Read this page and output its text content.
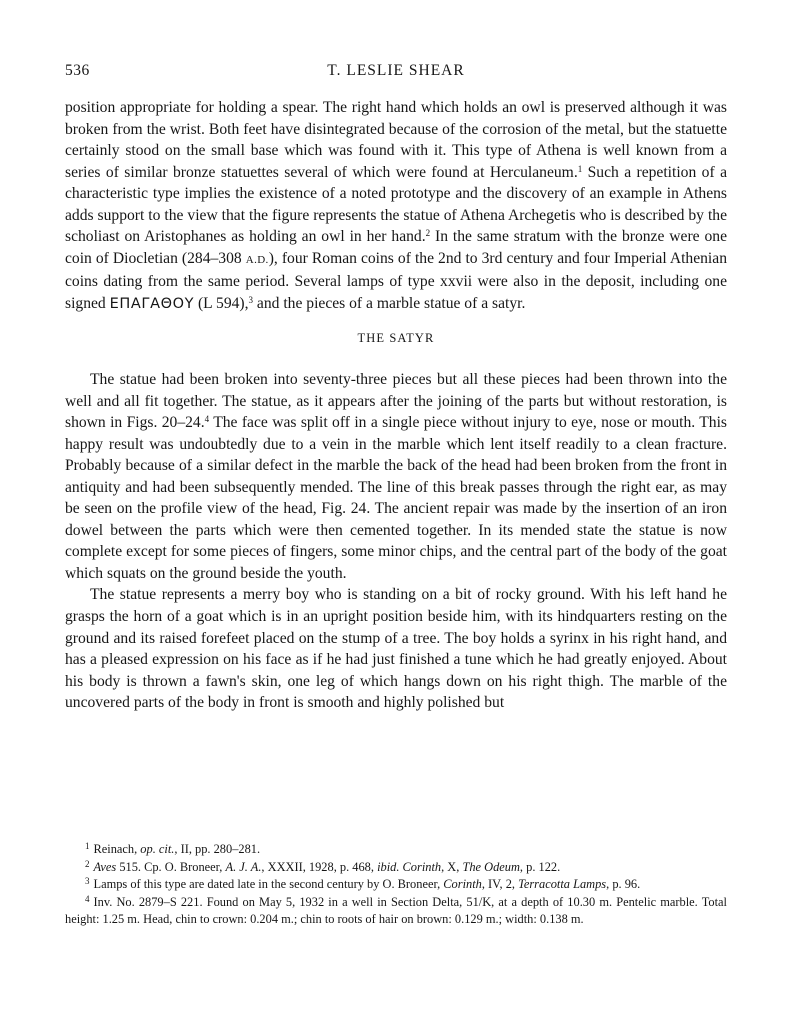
536	T. LESLIE SHEAR

position appropriate for holding a spear. The right hand which holds an owl is preserved although it was broken from the wrist. Both feet have disintegrated because of the corrosion of the metal, but the statuette certainly stood on the small base which was found with it. This type of Athena is well known from a series of similar bronze statuettes several of which were found at Herculaneum.$^1$ Such a repetition of a characteristic type implies the existence of a noted prototype and the discovery of an example in Athens adds support to the view that the figure represents the statue of Athena Archegetis who is described by the scholiast on Aristophanes as holding an owl in her hand.$^2$ In the same stratum with the bronze were one coin of Diocletian (284–308 A.D.), four Roman coins of the 2nd to 3rd century and four Imperial Athenian coins dating from the same period. Several lamps of type xxvii were also in the deposit, including one signed ΕΠΑΓΑΘΟΥ (L 594),$^3$ and the pieces of a marble statue of a satyr.

THE SATYR

The statue had been broken into seventy-three pieces but all these pieces had been thrown into the well and all fit together. The statue, as it appears after the joining of the parts but without restoration, is shown in Figs. 20–24.$^4$ The face was split off in a single piece without injury to eye, nose or mouth. This happy result was undoubtedly due to a vein in the marble which lent itself readily to a clean fracture. Probably because of a similar defect in the marble the back of the head had been broken from the front in antiquity and had been subsequently mended. The line of this break passes through the right ear, as may be seen on the profile view of the head, Fig. 24. The ancient repair was made by the insertion of an iron dowel between the parts which were then cemented together. In its mended state the statue is now complete except for some pieces of fingers, some minor chips, and the central part of the body of the goat which squats on the ground beside the youth.

The statue represents a merry boy who is standing on a bit of rocky ground. With his left hand he grasps the horn of a goat which is in an upright position beside him, with its hindquarters resting on the ground and its raised forefeet placed on the stump of a tree. The boy holds a syrinx in his right hand, and has a pleased expression on his face as if he had just finished a tune which he had greatly enjoyed. About his body is thrown a fawn's skin, one leg of which hangs down on his right thigh. The marble of the uncovered parts of the body in front is smooth and highly polished but

$^1$ Reinach, op. cit., II, pp. 280–281.

$^2$ Aves 515. Cp. O. Broneer, A. J. A., XXXII, 1928, p. 468, ibid. Corinth, X, The Odeum, p. 122.

$^3$ Lamps of this type are dated late in the second century by O. Broneer, Corinth, IV, 2, Terracotta Lamps, p. 96.

$^4$ Inv. No. 2879–S 221. Found on May 5, 1932 in a well in Section Delta, 51/K, at a depth of 10.30 m. Pentelic marble. Total height: 1.25 m. Head, chin to crown: 0.204 m.; chin to roots of hair on brown: 0.129 m.; width: 0.138 m.
